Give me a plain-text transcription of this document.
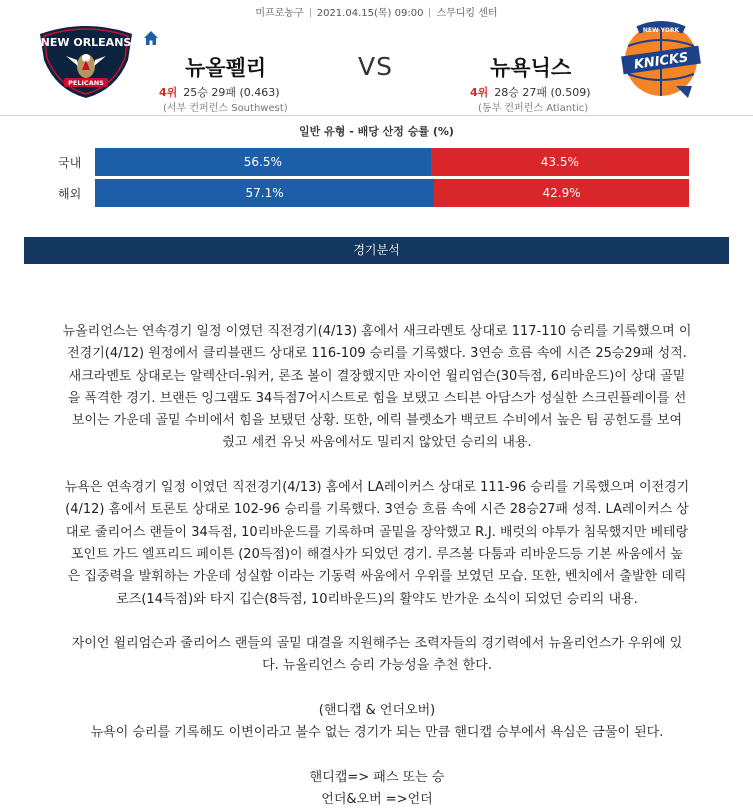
미프로농구 2021.04.15(목) 09:00 스무디킹 센터
NEW ORLEANS
PELICANS
NEW YORK
KNICKS
뉴올펠리	VS	뉴욕닉스
4위 25승 29패 (0.463)
(서부 컨퍼런스 Southwest)
4위 28승 27패 (0.509)
(동부 컨퍼런스 Atlantic)
일반 유형 - 배당 산정 승률 (%)
국내	56.5%	43.5%
해외	57.1%	42.9%
경기분석

뉴올리언스는 연속경기 일정 이였던 직전경기(4/13) 홈에서 새크라멘토 상대로 117-110 승리를 기록했으며 이

전경기(4/12) 원정에서 클리블랜드 상대로 116-109 승리를 기록했다. 3연승 흐름 속에 시즌 25승29패 성적.

새크라멘토 상대로는 알렉산더-워커, 론조 볼이 결장했지만 자이언 윌리엄슨(30득점, 6리바운드)이 상대 골밑

을 폭격한 경기. 브랜든 잉그램도 34득점7어시스트로 힘을 보탰고 스티븐 아담스가 성실한 스크린플레이를 선

보이는 가운데 골밑 수비에서 힘을 보탰던 상황. 또한, 에릭 블렛소가 백코트 수비에서 높은 팀 공헌도를 보여

줬고 세컨 유닛 싸움에서도 밀리지 않았던 승리의 내용.

뉴욕은 연속경기 일정 이였던 직전경기(4/13) 홈에서 LA레이커스 상대로 111-96 승리를 기록했으며 이전경기

(4/12) 홈에서 토론토 상대로 102-96 승리를 기록했다. 3연승 흐름 속에 시즌 28승27패 성적. LA레이커스 상

대로 줄리어스 랜들이 34득점, 10리바운드를 기록하며 골밑을 장악했고 R.J. 배럿의 야투가 침묵했지만 베테랑

포인트 가드 엘프리드 페이튼 (20득점)이 해결사가 되었던 경기. 루즈볼 다툼과 리바운드등 기본 싸움에서 높

은 집중력을 발휘하는 가운데 성실함 이라는 기동력 싸움에서 우위를 보였던 모습. 또한, 벤치에서 출발한 데릭

로즈(14득점)와 타지 깁슨(8득점, 10리바운드)의 활약도 반가운 소식이 되었던 승리의 내용.

자이언 윌리엄슨과 줄리어스 랜들의 골밑 대결을 지원해주는 조력자들의 경기력에서 뉴올리언스가 우위에 있

다. 뉴올리언스 승리 가능성을 추천 한다.

(핸디캡 & 언더오버)

뉴욕이 승리를 기록해도 이변이라고 볼수 없는 경기가 되는 만큼 핸디캡 승부에서 욕심은 금물이 된다.

핸디캡=> 패스 또는 승

언더&오버 =>언더
